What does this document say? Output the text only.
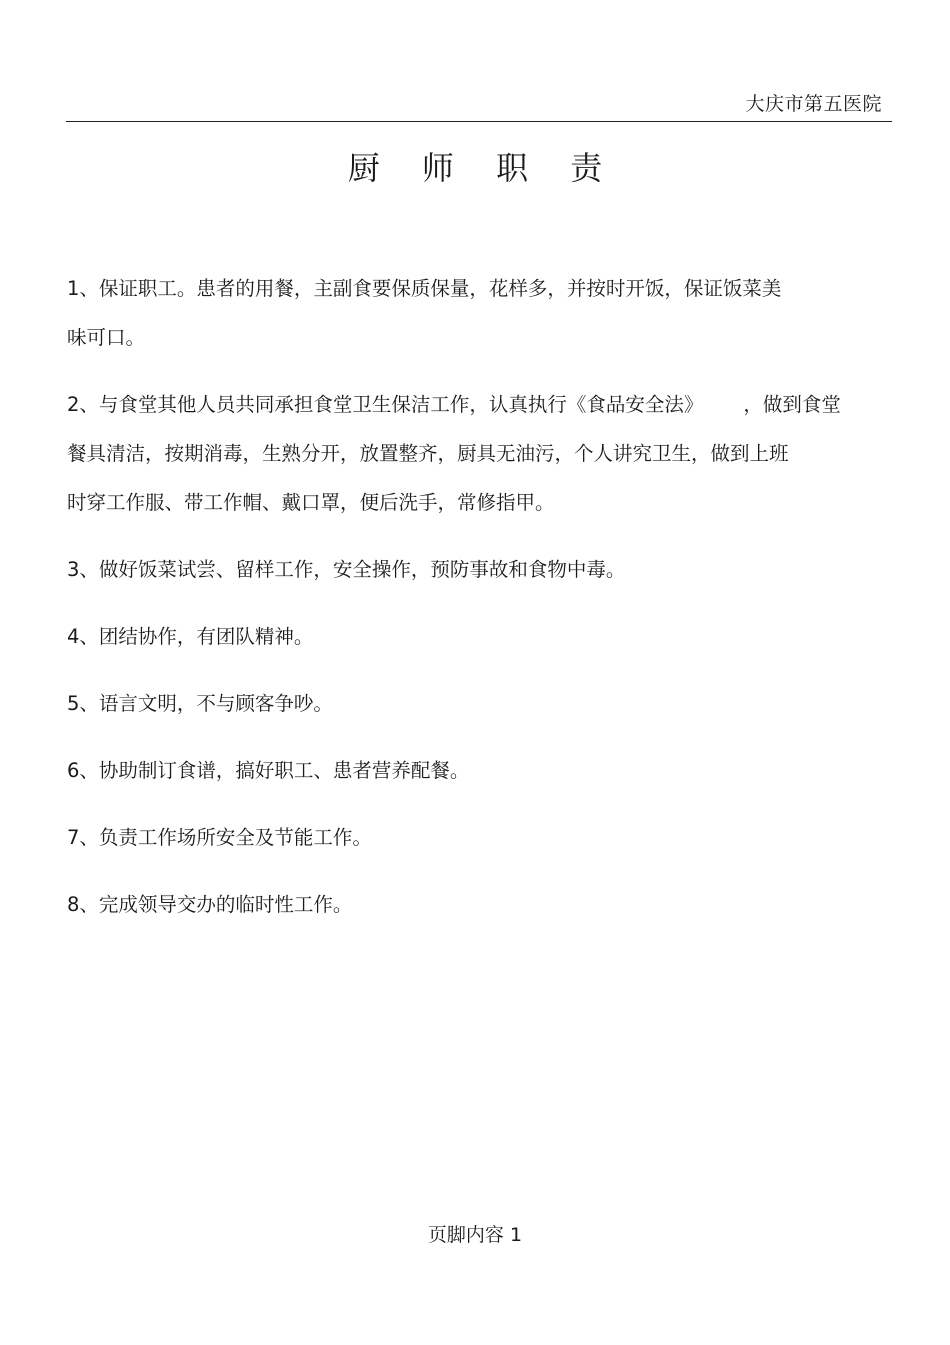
大庆市第五医院
厨 师 职 责
1、保证职工。患者的用餐，主副食要保质保量，花样多，并按时开饭，保证饭菜美
味可口。
2、与食堂其他人员共同承担食堂卫生保洁工作，认真执行《食品安全法》 ，做到食堂
餐具清洁，按期消毒，生熟分开，放置整齐，厨具无油污，个人讲究卫生，做到上班
时穿工作服、带工作帽、戴口罩，便后洗手，常修指甲。
3、做好饭菜试尝、留样工作，安全操作，预防事故和食物中毒。
4、团结协作，有团队精神。
5、语言文明，不与顾客争吵。
6、协助制订食谱，搞好职工、患者营养配餐。
7、负责工作场所安全及节能工作。
8、完成领导交办的临时性工作。
页脚内容 1
